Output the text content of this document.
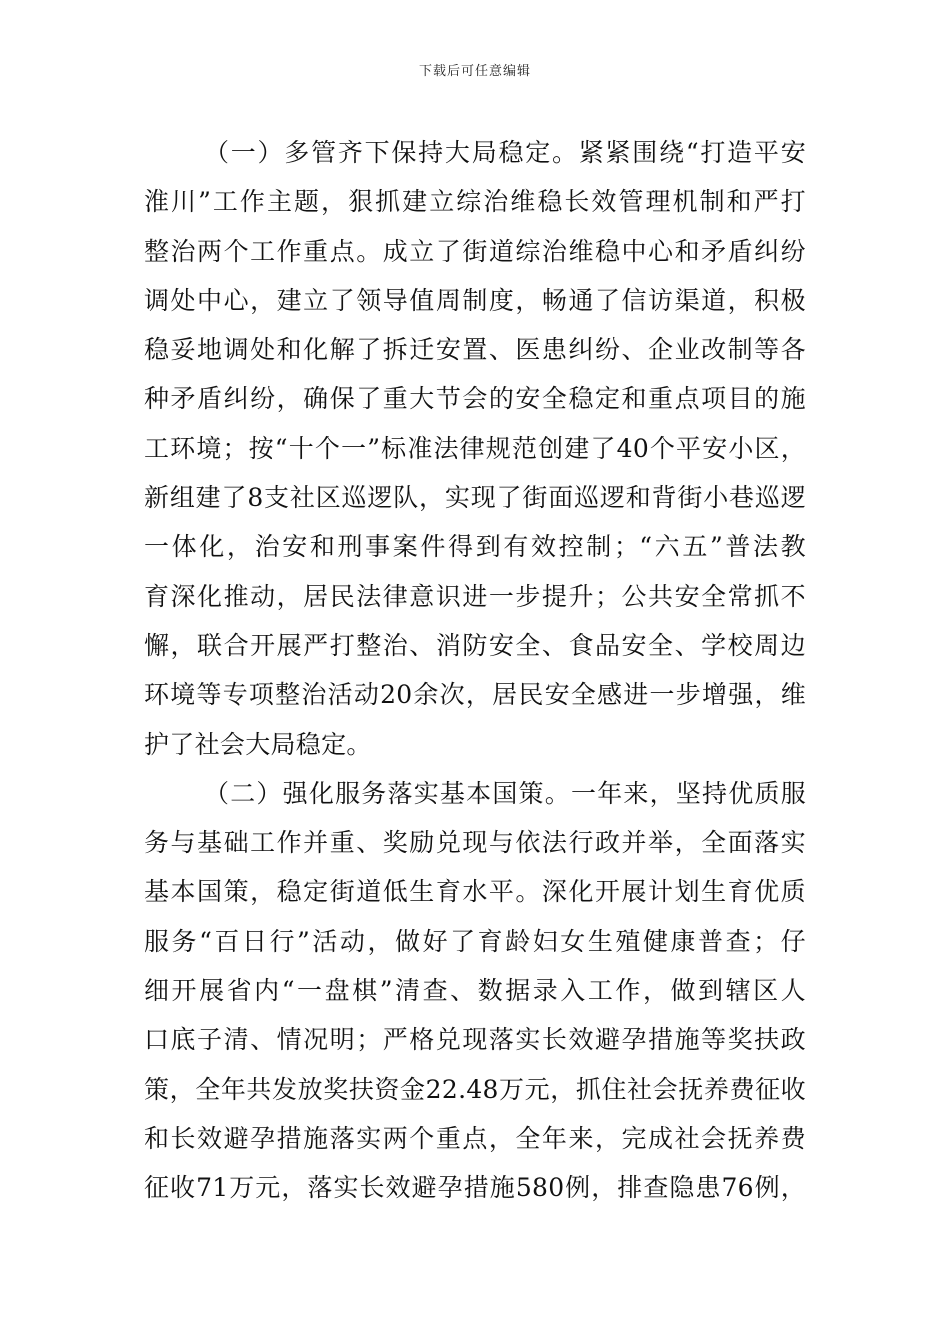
下载后可任意编辑
（一）多管齐下保持大局稳定。紧紧围绕“打造平安
淮川”工作主题，狠抓建立综治维稳长效管理机制和严打
整治两个工作重点。成立了街道综治维稳中心和矛盾纠纷
调处中心，建立了领导值周制度，畅通了信访渠道，积极
稳妥地调处和化解了拆迁安置、医患纠纷、企业改制等各
种矛盾纠纷，确保了重大节会的安全稳定和重点项目的施
工环境；按“十个一”标准法律规范创建了40个平安小区，
新组建了8支社区巡逻队，实现了街面巡逻和背街小巷巡逻
一体化，治安和刑事案件得到有效控制；“六五”普法教
育深化推动，居民法律意识进一步提升；公共安全常抓不
懈，联合开展严打整治、消防安全、食品安全、学校周边
环境等专项整治活动20余次，居民安全感进一步增强，维
护了社会大局稳定。
（二）强化服务落实基本国策。一年来，坚持优质服
务与基础工作并重、奖励兑现与依法行政并举，全面落实
基本国策，稳定街道低生育水平。深化开展计划生育优质
服务“百日行”活动，做好了育龄妇女生殖健康普查；仔
细开展省内“一盘棋”清查、数据录入工作，做到辖区人
口底子清、情况明；严格兑现落实长效避孕措施等奖扶政
策，全年共发放奖扶资金22.48万元，抓住社会抚养费征收
和长效避孕措施落实两个重点，全年来，完成社会抚养费
征收71万元，落实长效避孕措施580例，排查隐患76例，
